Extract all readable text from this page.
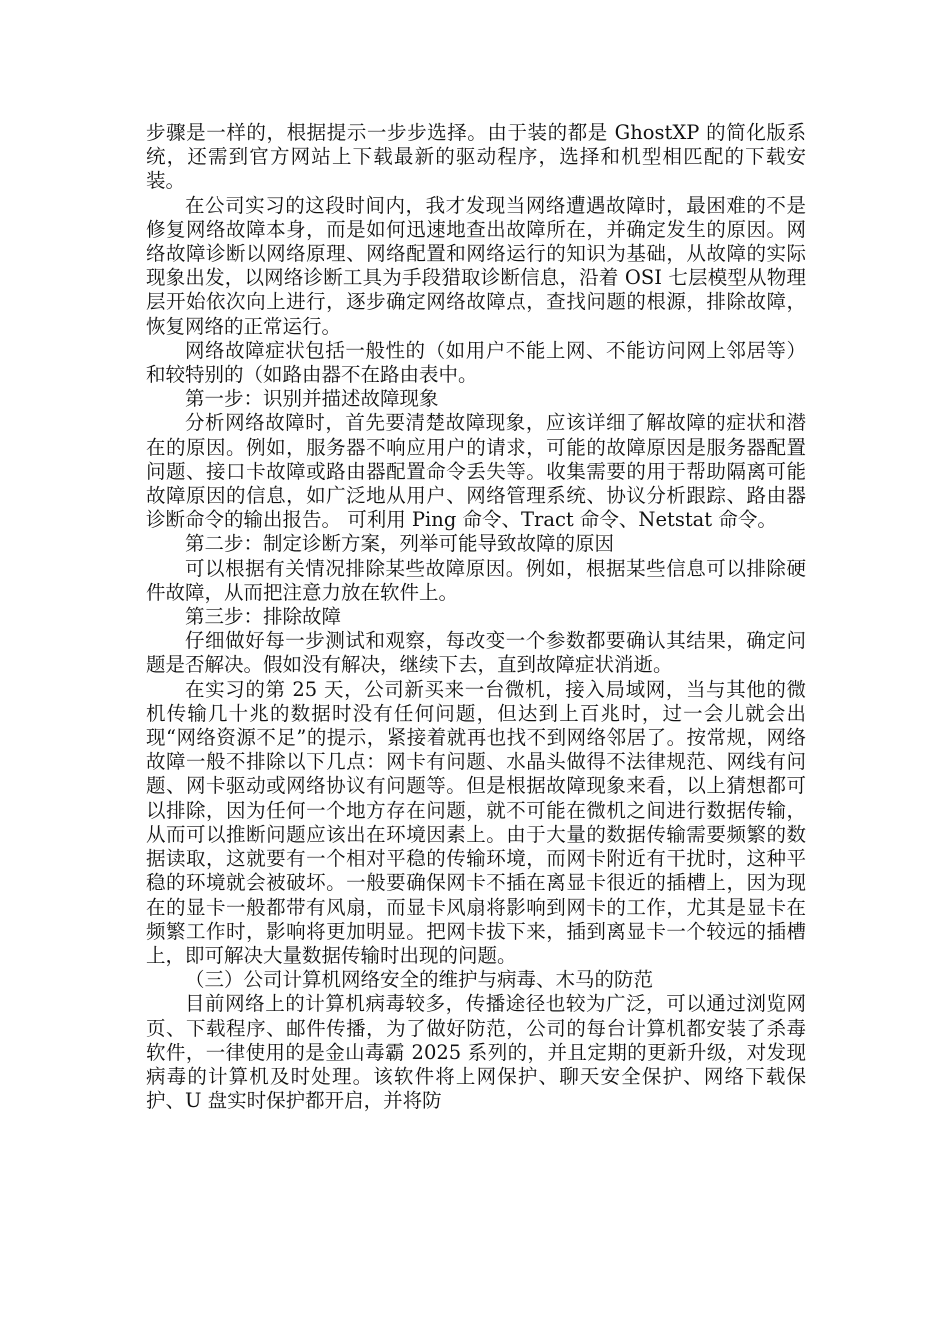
步骤是一样的，根据提示一步步选择。由于装的都是 GhostXP 的简化版系统，还需到官方网站上下载最新的驱动程序，选择和机型相匹配的下载安装。

在公司实习的这段时间内，我才发现当网络遭遇故障时，最困难的不是修复网络故障本身，而是如何迅速地查出故障所在，并确定发生的原因。网络故障诊断以网络原理、网络配置和网络运行的知识为基础，从故障的实际现象出发，以网络诊断工具为手段猎取诊断信息，沿着 OSI 七层模型从物理层开始依次向上进行，逐步确定网络故障点，查找问题的根源，排除故障，恢复网络的正常运行。

网络故障症状包括一般性的（如用户不能上网、不能访问网上邻居等）和较特别的（如路由器不在路由表中。

第一步：识别并描述故障现象

分析网络故障时，首先要清楚故障现象，应该详细了解故障的症状和潜在的原因。例如，服务器不响应用户的请求，可能的故障原因是服务器配置问题、接口卡故障或路由器配置命令丢失等。收集需要的用于帮助隔离可能故障原因的信息，如广泛地从用户、网络管理系统、协议分析跟踪、路由器诊断命令的输出报告。 可利用 Ping 命令、Tract 命令、Netstat 命令。

第二步：制定诊断方案，列举可能导致故障的原因

可以根据有关情况排除某些故障原因。例如，根据某些信息可以排除硬件故障，从而把注意力放在软件上。

第三步：排除故障

仔细做好每一步测试和观察，每改变一个参数都要确认其结果，确定问题是否解决。假如没有解决，继续下去，直到故障症状消逝。

在实习的第 25 天，公司新买来一台微机，接入局域网，当与其他的微机传输几十兆的数据时没有任何问题，但达到上百兆时，过一会儿就会出现“网络资源不足”的提示，紧接着就再也找不到网络邻居了。按常规，网络故障一般不排除以下几点：网卡有问题、水晶头做得不法律规范、网线有问题、网卡驱动或网络协议有问题等。但是根据故障现象来看，以上猜想都可以排除，因为任何一个地方存在问题，就不可能在微机之间进行数据传输，从而可以推断问题应该出在环境因素上。由于大量的数据传输需要频繁的数据读取，这就要有一个相对平稳的传输环境，而网卡附近有干扰时，这种平稳的环境就会被破坏。一般要确保网卡不插在离显卡很近的插槽上，因为现在的显卡一般都带有风扇，而显卡风扇将影响到网卡的工作，尤其是显卡在频繁工作时，影响将更加明显。把网卡拔下来，插到离显卡一个较远的插槽上，即可解决大量数据传输时出现的问题。

（三）公司计算机网络安全的维护与病毒、木马的防范

目前网络上的计算机病毒较多，传播途径也较为广泛，可以通过浏览网页、下载程序、邮件传播，为了做好防范，公司的每台计算机都安装了杀毒软件，一律使用的是金山毒霸 2025 系列的，并且定期的更新升级，对发现病毒的计算机及时处理。该软件将上网保护、聊天安全保护、网络下载保护、U 盘实时保护都开启，并将防
